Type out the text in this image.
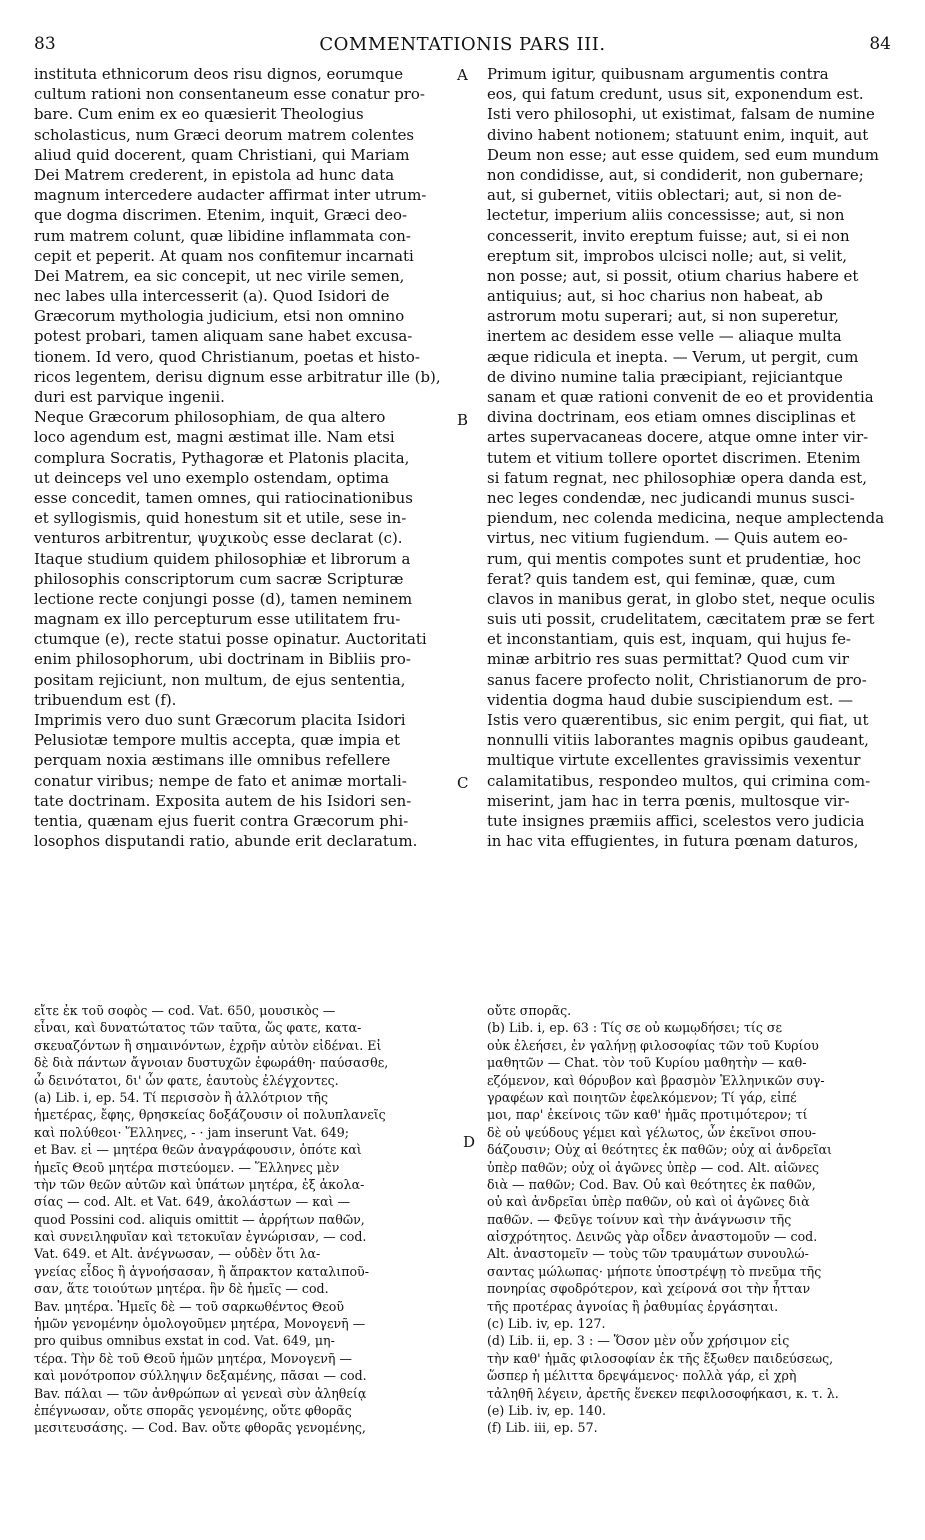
83	COMMENTATIONIS PARS III.	84
instituta ethnicorum deos risu dignos, eorumque
cultum rationi non consentaneum esse conatur pro-
bare. Cum enim ex eo quæsierit Theologius
scholasticus, num Græci deorum matrem colentes
aliud quid docerent, quam Christiani, qui Mariam
Dei Matrem crederent, in epistola ad hunc data
magnum intercedere audacter affirmat inter utrum-
que dogma discrimen. Etenim, inquit, Græci deo-
rum matrem colunt, quæ libidine inflammata con-
cepit et peperit. At quam nos confitemur incarnati
Dei Matrem, ea sic concepit, ut nec virile semen,
nec labes ulla intercesserit (a). Quod Isidori de
Græcorum mythologia judicium, etsi non omnino
potest probari, tamen aliquam sane habet excusa-
tionem. Id vero, quod Christianum, poetas et histo-
ricos legentem, derisu dignum esse arbitratur ille (b),
duri est parvique ingenii.
Neque Græcorum philosophiam, de qua altero
loco agendum est, magni æstimat ille. Nam etsi
complura Socratis, Pythagoræ et Platonis placita,
ut deinceps vel uno exemplo ostendam, optima
esse concedit, tamen omnes, qui ratiocinationibus
et syllogismis, quid honestum sit et utile, sese in-
venturos arbitrentur, ψυχικοὺς esse declarat (c).
Itaque studium quidem philosophiæ et librorum a
philosophis conscriptorum cum sacræ Scripturæ
lectione recte conjungi posse (d), tamen neminem
magnam ex illo percepturum esse utilitatem fru-
ctumque (e), recte statui posse opinatur. Auctoritati
enim philosophorum, ubi doctrinam in Bibliis pro-
positam rejiciunt, non multum, de ejus sententia,
tribuendum est (f).
Imprimis vero duo sunt Græcorum placita Isidori
Pelusiotæ tempore multis accepta, quæ impia et
perquam noxia æstimans ille omnibus refellere
conatur viribus; nempe de fato et animæ mortali-
tate doctrinam. Exposita autem de his Isidori sen-
tentia, quænam ejus fuerit contra Græcorum phi-
losophos disputandi ratio, abunde erit declaratum.
Primum igitur, quibusnam argumentis contra
eos, qui fatum credunt, usus sit, exponendum est.
Isti vero philosophi, ut existimat, falsam de numine
divino habent notionem; statuunt enim, inquit, aut
Deum non esse; aut esse quidem, sed eum mundum
non condidisse, aut, si condiderit, non gubernare;
aut, si gubernet, vitiis oblectari; aut, si non de-
lectetur, imperium aliis concessisse; aut, si non
concesserit, invito ereptum fuisse; aut, si ei non
ereptum sit, improbos ulcisci nolle; aut, si velit,
non posse; aut, si possit, otium charius habere et
antiquius; aut, si hoc charius non habeat, ab
astrorum motu superari; aut, si non superetur,
inertem ac desidem esse velle — aliaque multa
æque ridicula et inepta. — Verum, ut pergit, cum
de divino numine talia præcipiant, rejiciantque
sanam et quæ rationi convenit de eo et providentia
divina doctrinam, eos etiam omnes disciplinas et
artes supervacaneas docere, atque omne inter vir-
tutem et vitium tollere oportet discrimen. Etenim
si fatum regnat, nec philosophiæ opera danda est,
nec leges condendæ, nec judicandi munus susci-
piendum, nec colenda medicina, neque amplectenda
virtus, nec vitium fugiendum. — Quis autem eo-
rum, qui mentis compotes sunt et prudentiæ, hoc
ferat? quis tandem est, qui feminæ, quæ, cum
clavos in manibus gerat, in globo stet, neque oculis
suis uti possit, crudelitatem, cæcitatem præ se fert
et inconstantiam, quis est, inquam, qui hujus fe-
minæ arbitrio res suas permittat? Quod cum vir
sanus facere profecto nolit, Christianorum de pro-
videntia dogma haud dubie suscipiendum est. —
Istis vero quærentibus, sic enim pergit, qui fiat, ut
nonnulli vitiis laborantes magnis opibus gaudeant,
multique virtute excellentes gravissimis vexentur
calamitatibus, respondeo multos, qui crimina com-
miserint, jam hac in terra pœnis, multosque vir-
tute insignes præmiis affici, scelestos vero judicia
in hac vita effugientes, in futura pœnam daturos,
A
B
C
D
εἴτε ἐκ τοῦ σοφὸς — cod. Vat. 650, μουσικὸς —
εἶναι, καὶ δυνατώτατος τῶν ταῦτα, ὥς φατε, κατα-
σκευαζόντων ἢ σημαινόντων, ἐχρῆν αὐτὸν εἰδέναι. Εἰ
δὲ διὰ πάντων ἄγνοιαν δυστυχῶν ἐφωράθη· παύσασθε,
ὦ δεινότατοι, δι' ὧν φατε, ἑαυτοὺς ἐλέγχοντες.
(a) Lib. i, ep. 54. Τί περισσὸν ἢ ἀλλότριον τῆς
ἡμετέρας, ἔφης, θρησκείας δοξάζουσιν οἱ πολυπλανεῖς
καὶ πολύθεοι· Ἕλληνες, - · jam inserunt Vat. 649;
et Bav. εἰ — μητέρα θεῶν ἀναγράφουσιν, ὁπότε καὶ
ἡμεῖς Θεοῦ μητέρα πιστεύομεν. — Ἕλληνες μὲν
τὴν τῶν θεῶν αὐτῶν καὶ ὑπάτων μητέρα, ἐξ ἀκολα-
σίας — cod. Alt. et Vat. 649, ἀκολάστων — καὶ —
quod Possini cod. aliquis omittit — ἀρρήτων παθῶν,
καὶ συνειληφυῖαν καὶ τετοκυῖαν ἐγνώρισαν, — cod.
Vat. 649. et Alt. ἀνέγνωσαν, — οὐδὲν ὅτι λα-
γνείας εἶδος ἢ ἀγνοήσασαν, ἢ ἄπρακτον καταλιποῦ-
σαν, ἅτε τοιούτων μητέρα. ἣν δὲ ἡμεῖς — cod.
Bav. μητέρα. Ἡμεῖς δὲ — τοῦ σαρκωθέντος Θεοῦ
ἡμῶν γενομένην ὁμολογοῦμεν μητέρα, Μονογενῆ —
pro quibus omnibus exstat in cod. Vat. 649, μη-
τέρα. Τὴν δὲ τοῦ Θεοῦ ἡμῶν μητέρα, Μονογενῆ —
καὶ μονότροπον σύλληψιν δεξαμένης, πᾶσαι — cod.
Bav. πάλαι — τῶν ἀνθρώπων αἱ γενεαὶ σὺν ἀληθείᾳ
ἐπέγνωσαν, οὔτε σπορᾶς γενομένης, οὔτε φθορᾶς
μεσιτευσάσης. — Cod. Bav. οὔτε φθορᾶς γενομένης,
οὔτε σπορᾶς.
(b) Lib. i, ep. 63 : Τίς σε οὐ κωμῳδήσει; τίς σε
οὐκ ἐλεήσει, ἐν γαλήνῃ φιλοσοφίας τῶν τοῦ Κυρίου
μαθητῶν — Chat. τὸν τοῦ Κυρίου μαθητὴν — καθ-
εζόμενον, καὶ θόρυβον καὶ βρασμὸν Ἑλληνικῶν συγ-
γραφέων καὶ ποιητῶν ἐφελκόμενον; Τί γάρ, εἰπέ
μοι, παρ' ἐκείνοις τῶν καθ' ἡμᾶς προτιμότερον; τί
δὲ οὐ ψεύδους γέμει καὶ γέλωτος, ὧν ἐκεῖνοι σπου-
δάζουσιν; Οὐχ αἱ θεότητες ἐκ παθῶν; οὐχ αἱ ἀνδρεῖαι
ὑπὲρ παθῶν; οὐχ οἱ ἀγῶνες ὑπὲρ — cod. Alt. αἰῶνες
διὰ — παθῶν; Cod. Bav. Οὐ καὶ θεότητες ἐκ παθῶν,
οὐ καὶ ἀνδρεῖαι ὑπὲρ παθῶν, οὐ καὶ οἱ ἀγῶνες διὰ
παθῶν. — Φεῦγε τοίνυν καὶ τὴν ἀνάγνωσιν τῆς
αἰσχρότητος. Δεινῶς γὰρ οἶδεν ἀναστομοῦν — cod.
Alt. ἀναστομεῖν — τοὺς τῶν τραυμάτων συνουλώ-
σαντας μώλωπας· μήποτε ὑποστρέψῃ τὸ πνεῦμα τῆς
πονηρίας σφοδρότερον, καὶ χείρονά σοι τὴν ἧτταν
τῆς προτέρας ἀγνοίας ἢ ῥαθυμίας ἐργάσηται.
(c) Lib. iv, ep. 127.
(d) Lib. ii, ep. 3 : — Ὅσον μὲν οὖν χρήσιμον εἰς
τὴν καθ' ἡμᾶς φιλοσοφίαν ἐκ τῆς ἔξωθεν παιδεύσεως,
ὥσπερ ἡ μέλιττα δρεψάμενος· πολλὰ γάρ, εἰ χρὴ
τἀληθῆ λέγειν, ἀρετῆς ἕνεκεν πεφιλοσοφήκασι, κ. τ. λ.
(e) Lib. iv, ep. 140.
(f) Lib. iii, ep. 57.
